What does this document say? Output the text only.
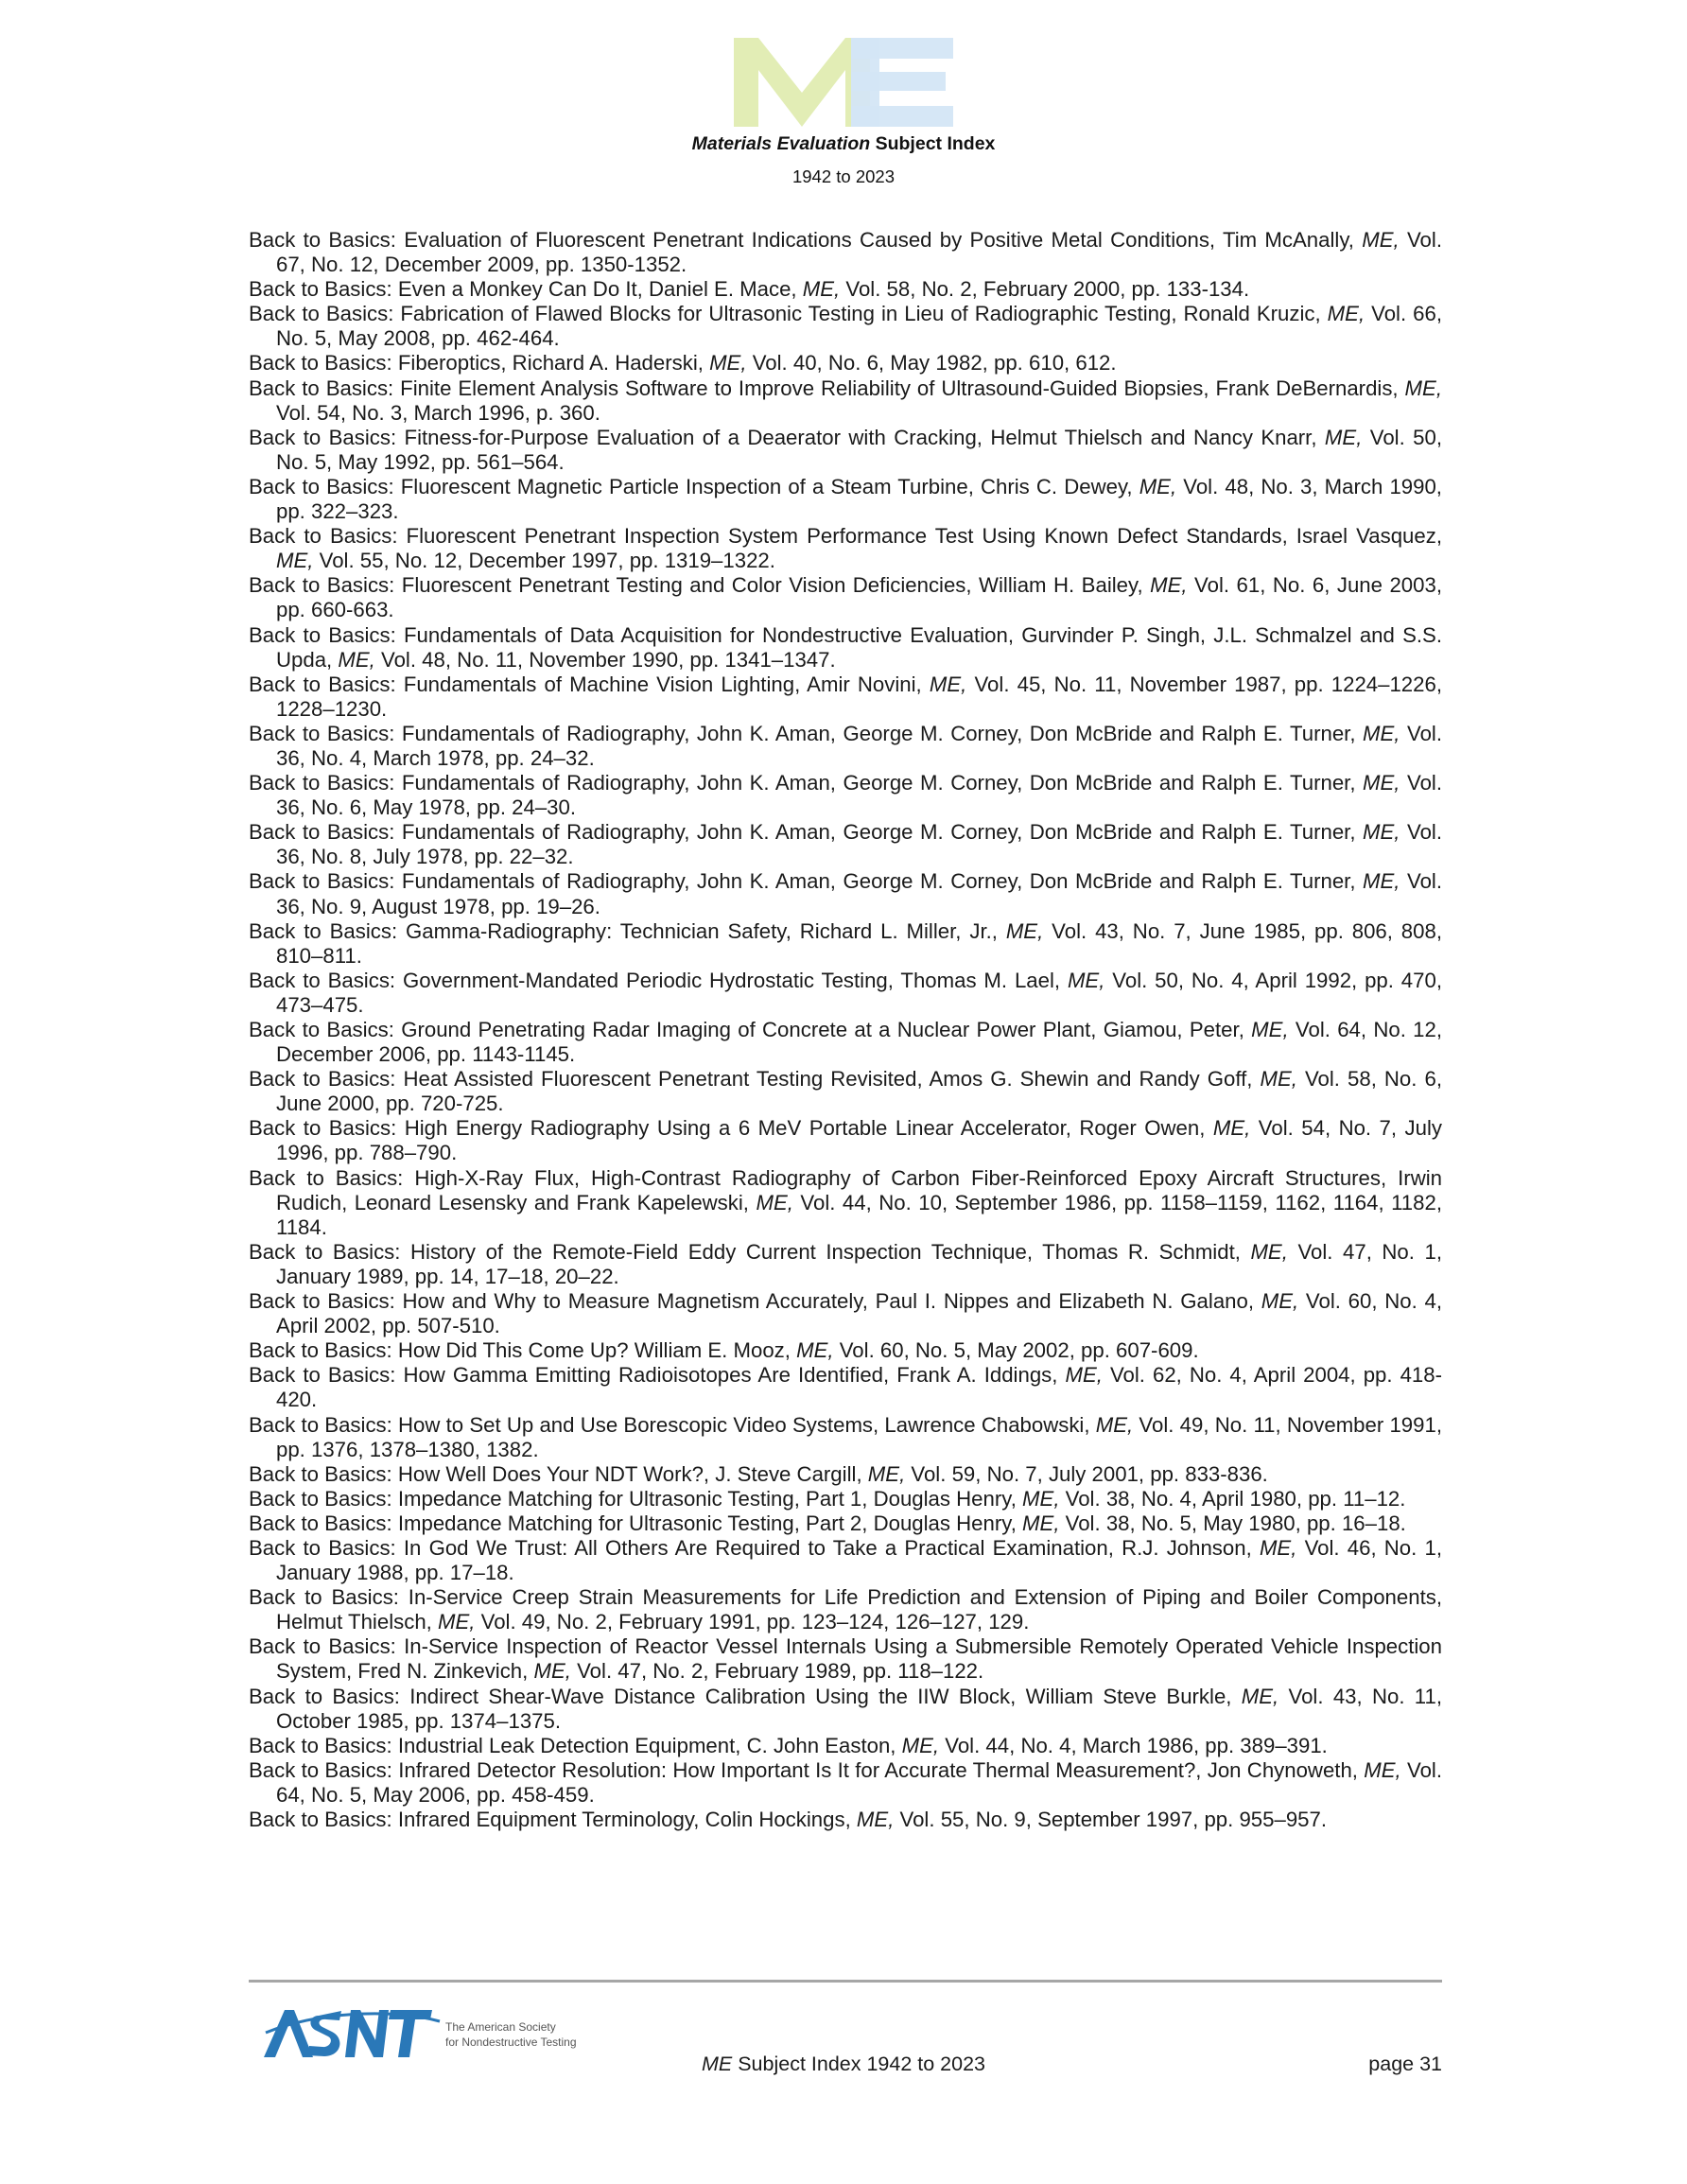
Materials Evaluation Subject Index
1942 to 2023
Back to Basics: Evaluation of Fluorescent Penetrant Indications Caused by Positive Metal Conditions, Tim McAnally, ME, Vol. 67, No. 12, December 2009, pp. 1350-1352.
Back to Basics: Even a Monkey Can Do It, Daniel E. Mace, ME, Vol. 58, No. 2, February 2000, pp. 133-134.
Back to Basics: Fabrication of Flawed Blocks for Ultrasonic Testing in Lieu of Radiographic Testing, Ronald Kruzic, ME, Vol. 66, No. 5, May 2008, pp. 462-464.
Back to Basics: Fiberoptics, Richard A. Haderski, ME, Vol. 40, No. 6, May 1982, pp. 610, 612.
Back to Basics: Finite Element Analysis Software to Improve Reliability of Ultrasound-Guided Biopsies, Frank DeBernardis, ME, Vol. 54, No. 3, March 1996, p. 360.
Back to Basics: Fitness-for-Purpose Evaluation of a Deaerator with Cracking, Helmut Thielsch and Nancy Knarr, ME, Vol. 50, No. 5, May 1992, pp. 561–564.
Back to Basics: Fluorescent Magnetic Particle Inspection of a Steam Turbine, Chris C. Dewey, ME, Vol. 48, No. 3, March 1990, pp. 322–323.
Back to Basics: Fluorescent Penetrant Inspection System Performance Test Using Known Defect Standards, Israel Vasquez, ME, Vol. 55, No. 12, December 1997, pp. 1319–1322.
Back to Basics: Fluorescent Penetrant Testing and Color Vision Deficiencies, William H. Bailey, ME, Vol. 61, No. 6, June 2003, pp. 660-663.
Back to Basics: Fundamentals of Data Acquisition for Nondestructive Evaluation, Gurvinder P. Singh, J.L. Schmalzel and S.S. Upda, ME, Vol. 48, No. 11, November 1990, pp. 1341–1347.
Back to Basics: Fundamentals of Machine Vision Lighting, Amir Novini, ME, Vol. 45, No. 11, November 1987, pp. 1224–1226, 1228–1230.
Back to Basics: Fundamentals of Radiography, John K. Aman, George M. Corney, Don McBride and Ralph E. Turner, ME, Vol. 36, No. 4, March 1978, pp. 24–32.
Back to Basics: Fundamentals of Radiography, John K. Aman, George M. Corney, Don McBride and Ralph E. Turner, ME, Vol. 36, No. 6, May 1978, pp. 24–30.
Back to Basics: Fundamentals of Radiography, John K. Aman, George M. Corney, Don McBride and Ralph E. Turner, ME, Vol. 36, No. 8, July 1978, pp. 22–32.
Back to Basics: Fundamentals of Radiography, John K. Aman, George M. Corney, Don McBride and Ralph E. Turner, ME, Vol. 36, No. 9, August 1978, pp. 19–26.
Back to Basics: Gamma-Radiography: Technician Safety, Richard L. Miller, Jr., ME, Vol. 43, No. 7, June 1985, pp. 806, 808, 810–811.
Back to Basics: Government-Mandated Periodic Hydrostatic Testing, Thomas M. Lael, ME, Vol. 50, No. 4, April 1992, pp. 470, 473–475.
Back to Basics: Ground Penetrating Radar Imaging of Concrete at a Nuclear Power Plant, Giamou, Peter, ME, Vol. 64, No. 12, December 2006, pp. 1143-1145.
Back to Basics: Heat Assisted Fluorescent Penetrant Testing Revisited, Amos G. Shewin and Randy Goff, ME, Vol. 58, No. 6, June 2000, pp. 720-725.
Back to Basics: High Energy Radiography Using a 6 MeV Portable Linear Accelerator, Roger Owen, ME, Vol. 54, No. 7, July 1996, pp. 788–790.
Back to Basics: High-X-Ray Flux, High-Contrast Radiography of Carbon Fiber-Reinforced Epoxy Aircraft Structures, Irwin Rudich, Leonard Lesensky and Frank Kapelewski, ME, Vol. 44, No. 10, September 1986, pp. 1158–1159, 1162, 1164, 1182, 1184.
Back to Basics: History of the Remote-Field Eddy Current Inspection Technique, Thomas R. Schmidt, ME, Vol. 47, No. 1, January 1989, pp. 14, 17–18, 20–22.
Back to Basics: How and Why to Measure Magnetism Accurately, Paul I. Nippes and Elizabeth N. Galano, ME, Vol. 60, No. 4, April 2002, pp. 507-510.
Back to Basics: How Did This Come Up? William E. Mooz, ME, Vol. 60, No. 5, May 2002, pp. 607-609.
Back to Basics: How Gamma Emitting Radioisotopes Are Identified, Frank A. Iddings, ME, Vol. 62, No. 4, April 2004, pp. 418-420.
Back to Basics: How to Set Up and Use Borescopic Video Systems, Lawrence Chabowski, ME, Vol. 49, No. 11, November 1991, pp. 1376, 1378–1380, 1382.
Back to Basics: How Well Does Your NDT Work?, J. Steve Cargill, ME, Vol. 59, No. 7, July 2001, pp. 833-836.
Back to Basics: Impedance Matching for Ultrasonic Testing, Part 1, Douglas Henry, ME, Vol. 38, No. 4, April 1980, pp. 11–12.
Back to Basics: Impedance Matching for Ultrasonic Testing, Part 2, Douglas Henry, ME, Vol. 38, No. 5, May 1980, pp. 16–18.
Back to Basics: In God We Trust: All Others Are Required to Take a Practical Examination, R.J. Johnson, ME, Vol. 46, No. 1, January 1988, pp. 17–18.
Back to Basics: In-Service Creep Strain Measurements for Life Prediction and Extension of Piping and Boiler Components, Helmut Thielsch, ME, Vol. 49, No. 2, February 1991, pp. 123–124, 126–127, 129.
Back to Basics: In-Service Inspection of Reactor Vessel Internals Using a Submersible Remotely Operated Vehicle Inspection System, Fred N. Zinkevich, ME, Vol. 47, No. 2, February 1989, pp. 118–122.
Back to Basics: Indirect Shear-Wave Distance Calibration Using the IIW Block, William Steve Burkle, ME, Vol. 43, No. 11, October 1985, pp. 1374–1375.
Back to Basics: Industrial Leak Detection Equipment, C. John Easton, ME, Vol. 44, No. 4, March 1986, pp. 389–391.
Back to Basics: Infrared Detector Resolution: How Important Is It for Accurate Thermal Measurement?, Jon Chynoweth, ME, Vol. 64, No. 5, May 2006, pp. 458-459.
Back to Basics: Infrared Equipment Terminology, Colin Hockings, ME, Vol. 55, No. 9, September 1997, pp. 955–957.
The American Society
for Nondestructive Testing
ME Subject Index 1942 to 2023	page 31
